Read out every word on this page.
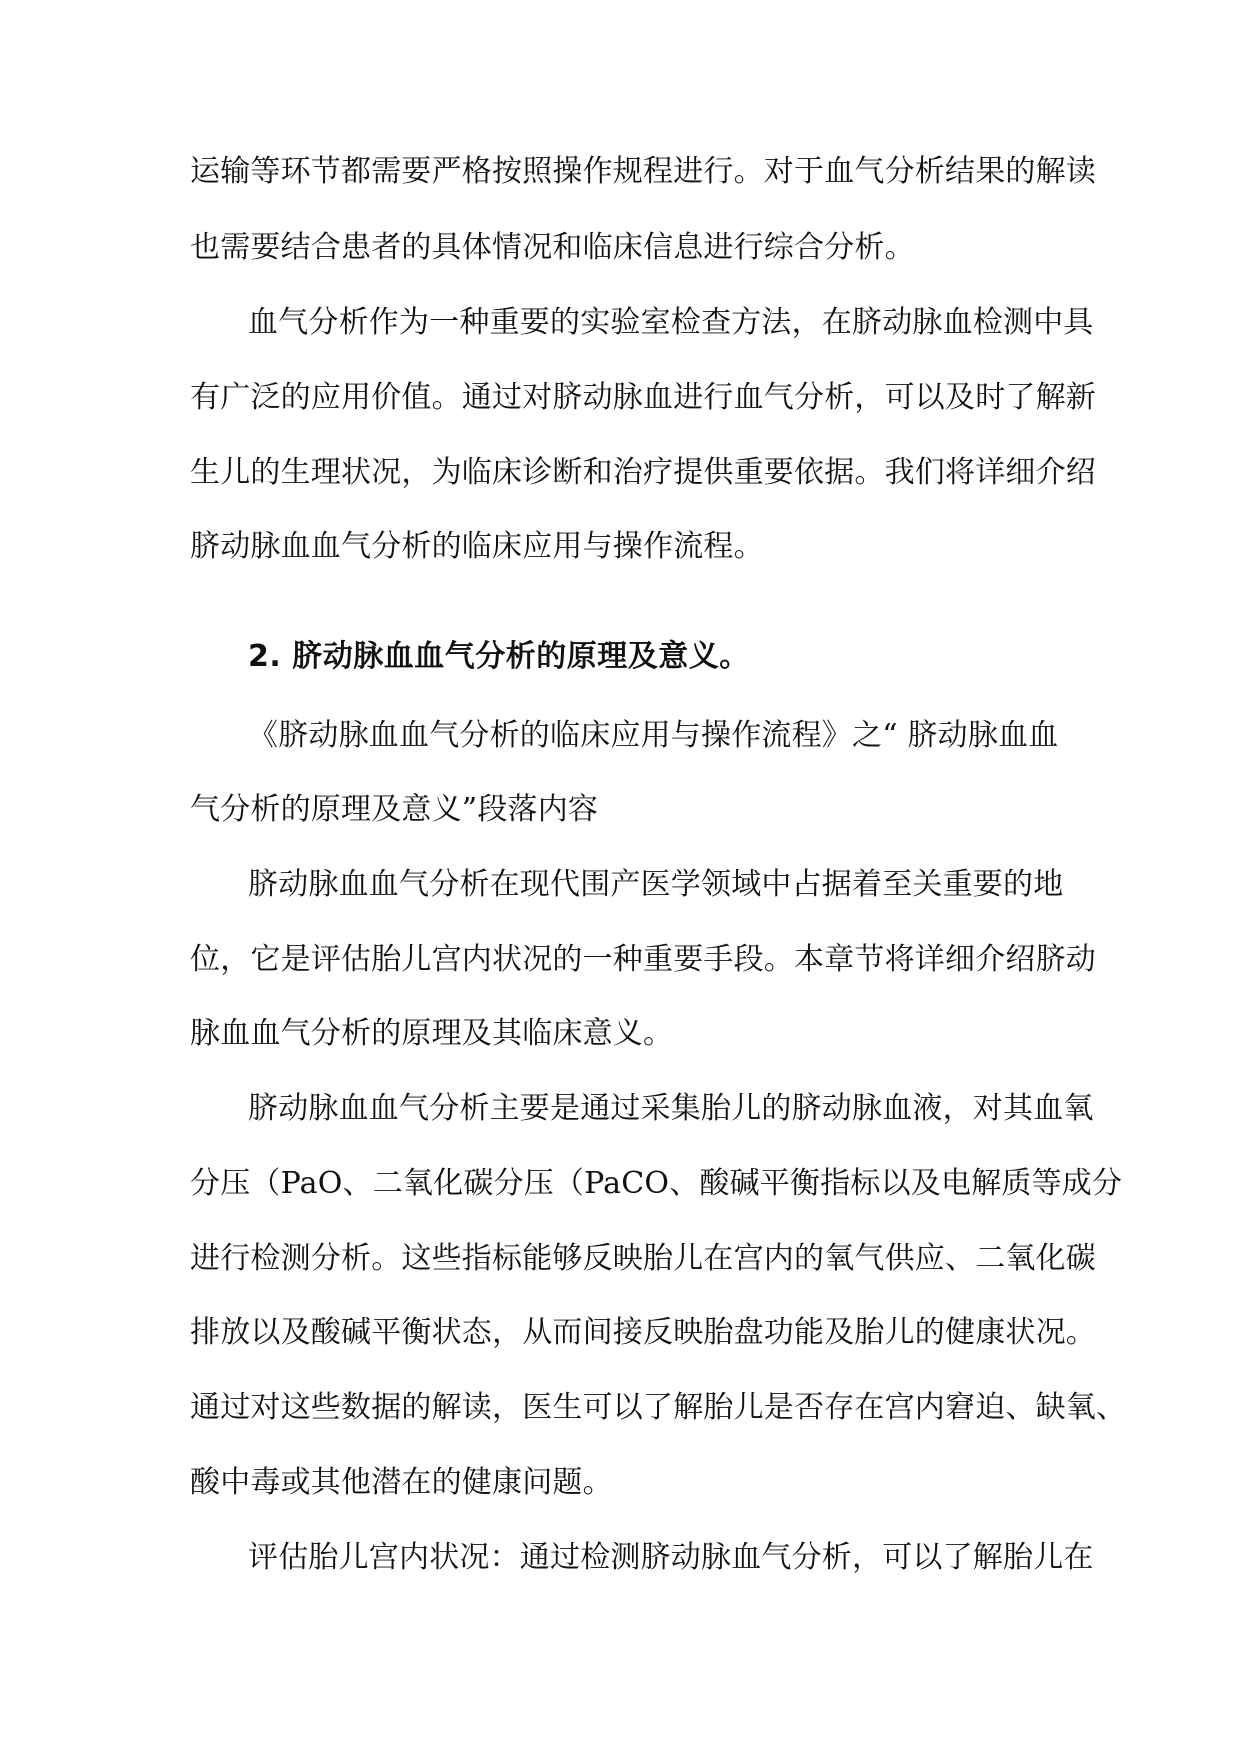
运输等环节都需要严格按照操作规程进行。对于血气分析结果的解读
也需要结合患者的具体情况和临床信息进行综合分析。
血气分析作为一种重要的实验室检查方法，在脐动脉血检测中具
有广泛的应用价值。通过对脐动脉血进行血气分析，可以及时了解新
生儿的生理状况，为临床诊断和治疗提供重要依据。我们将详细介绍
脐动脉血血气分析的临床应用与操作流程。
2. 脐动脉血血气分析的原理及意义。
《脐动脉血血气分析的临床应用与操作流程》之“ 脐动脉血血
气分析的原理及意义”段落内容
脐动脉血血气分析在现代围产医学领域中占据着至关重要的地
位，它是评估胎儿宫内状况的一种重要手段。本章节将详细介绍脐动
脉血血气分析的原理及其临床意义。
脐动脉血血气分析主要是通过采集胎儿的脐动脉血液，对其血氧
分压（PaO、二氧化碳分压（PaCO、酸碱平衡指标以及电解质等成分
进行检测分析。这些指标能够反映胎儿在宫内的氧气供应、二氧化碳
排放以及酸碱平衡状态，从而间接反映胎盘功能及胎儿的健康状况。
通过对这些数据的解读，医生可以了解胎儿是否存在宫内窘迫、缺氧、
酸中毒或其他潜在的健康问题。
评估胎儿宫内状况：通过检测脐动脉血气分析，可以了解胎儿在
